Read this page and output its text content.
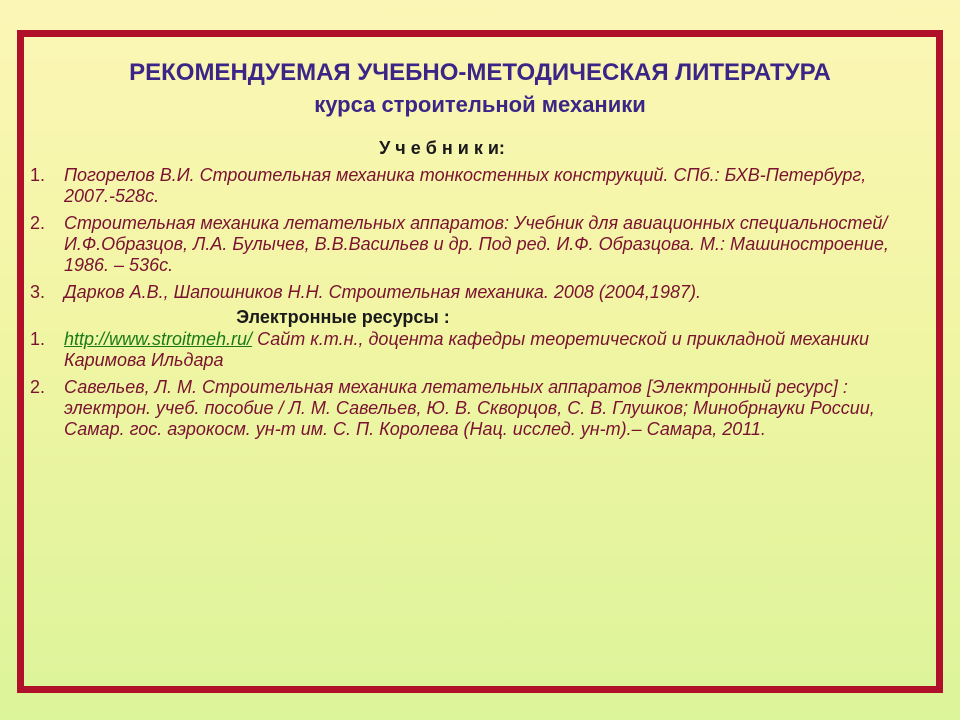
РЕКОМЕНДУЕМАЯ УЧЕБНО-МЕТОДИЧЕСКАЯ ЛИТЕРАТУРА
курса строительной механики
У ч е б н и к и:
1. Погорелов В.И. Строительная механика тонкостенных конструкций. СПб.: БХВ-Петербург, 2007.-528с.
2. Строительная механика летательных аппаратов: Учебник для авиационных специальностей/И.Ф.Образцов, Л.А. Булычев, В.В.Васильев и др. Под ред. И.Ф. Образцова. М.: Машиностроение, 1986. – 536с.
3. Дарков А.В., Шапошников Н.Н. Строительная механика. 2008 (2004,1987).
Электронные ресурсы :
1. http://www.stroitmeh.ru/ Сайт к.т.н., доцента кафедры теоретической и прикладной механики Каримова Ильдара
2. Савельев, Л. М. Строительная механика летательных аппаратов [Электронный ресурс] : электрон. учеб. пособие / Л. М. Савельев, Ю. В. Скворцов, С. В. Глушков; Минобрнауки России, Самар. гос. аэрокосм. ун-т им. С. П. Королева (Нац. исслед. ун-т).– Самара, 2011.
